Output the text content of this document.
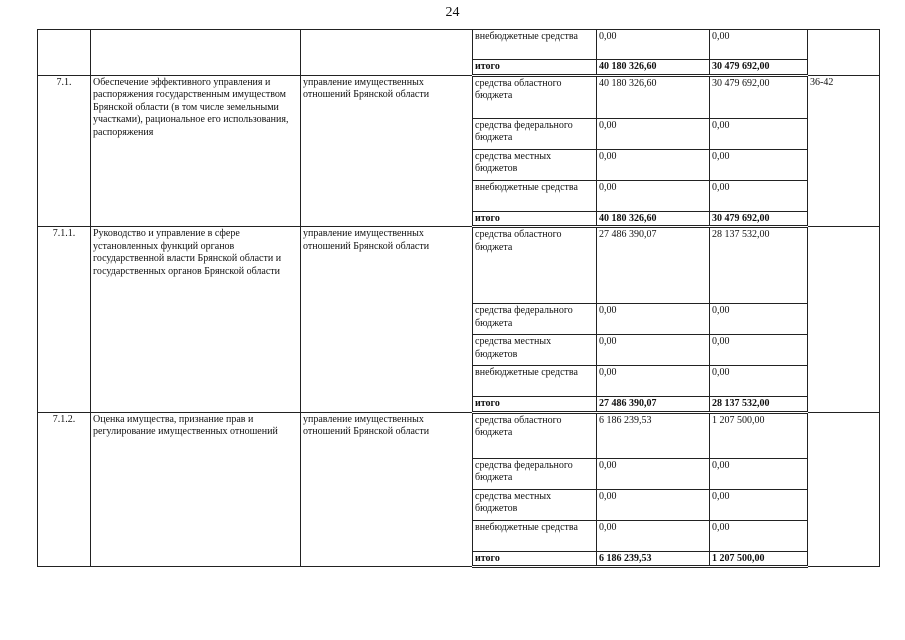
24
			внебюджетные средства	0,00	0,00	
			итого	40 180 326,60	30 479 692,00	
7.1.	Обеспечение эффективного управления и распоряжения государственным имуществом Брянской области (в том числе земельными участками), рациональное его использования, распоряжения	управление имущественных отношений Брянской области	средства областного бюджета	40 180 326,60	30 479 692,00	36-42
			средства федерального бюджета	0,00	0,00	
			средства местных бюджетов	0,00	0,00	
			внебюджетные средства	0,00	0,00	
			итого	40 180 326,60	30 479 692,00	
7.1.1.	Руководство и управление в сфере установленных функций органов государственной власти Брянской области и государственных органов Брянской области	управление имущественных отношений Брянской области	средства областного бюджета	27 486 390,07	28 137 532,00	
			средства федерального бюджета	0,00	0,00	
			средства местных бюджетов	0,00	0,00	
			внебюджетные средства	0,00	0,00	
			итого	27 486 390,07	28 137 532,00	
7.1.2.	Оценка имущества, признание прав и регулирование имущественных отношений	управление имущественных отношений Брянской области	средства областного бюджета	6 186 239,53	1 207 500,00	
			средства федерального бюджета	0,00	0,00	
			средства местных бюджетов	0,00	0,00	
			внебюджетные средства	0,00	0,00	
			итого	6 186 239,53	1 207 500,00	
